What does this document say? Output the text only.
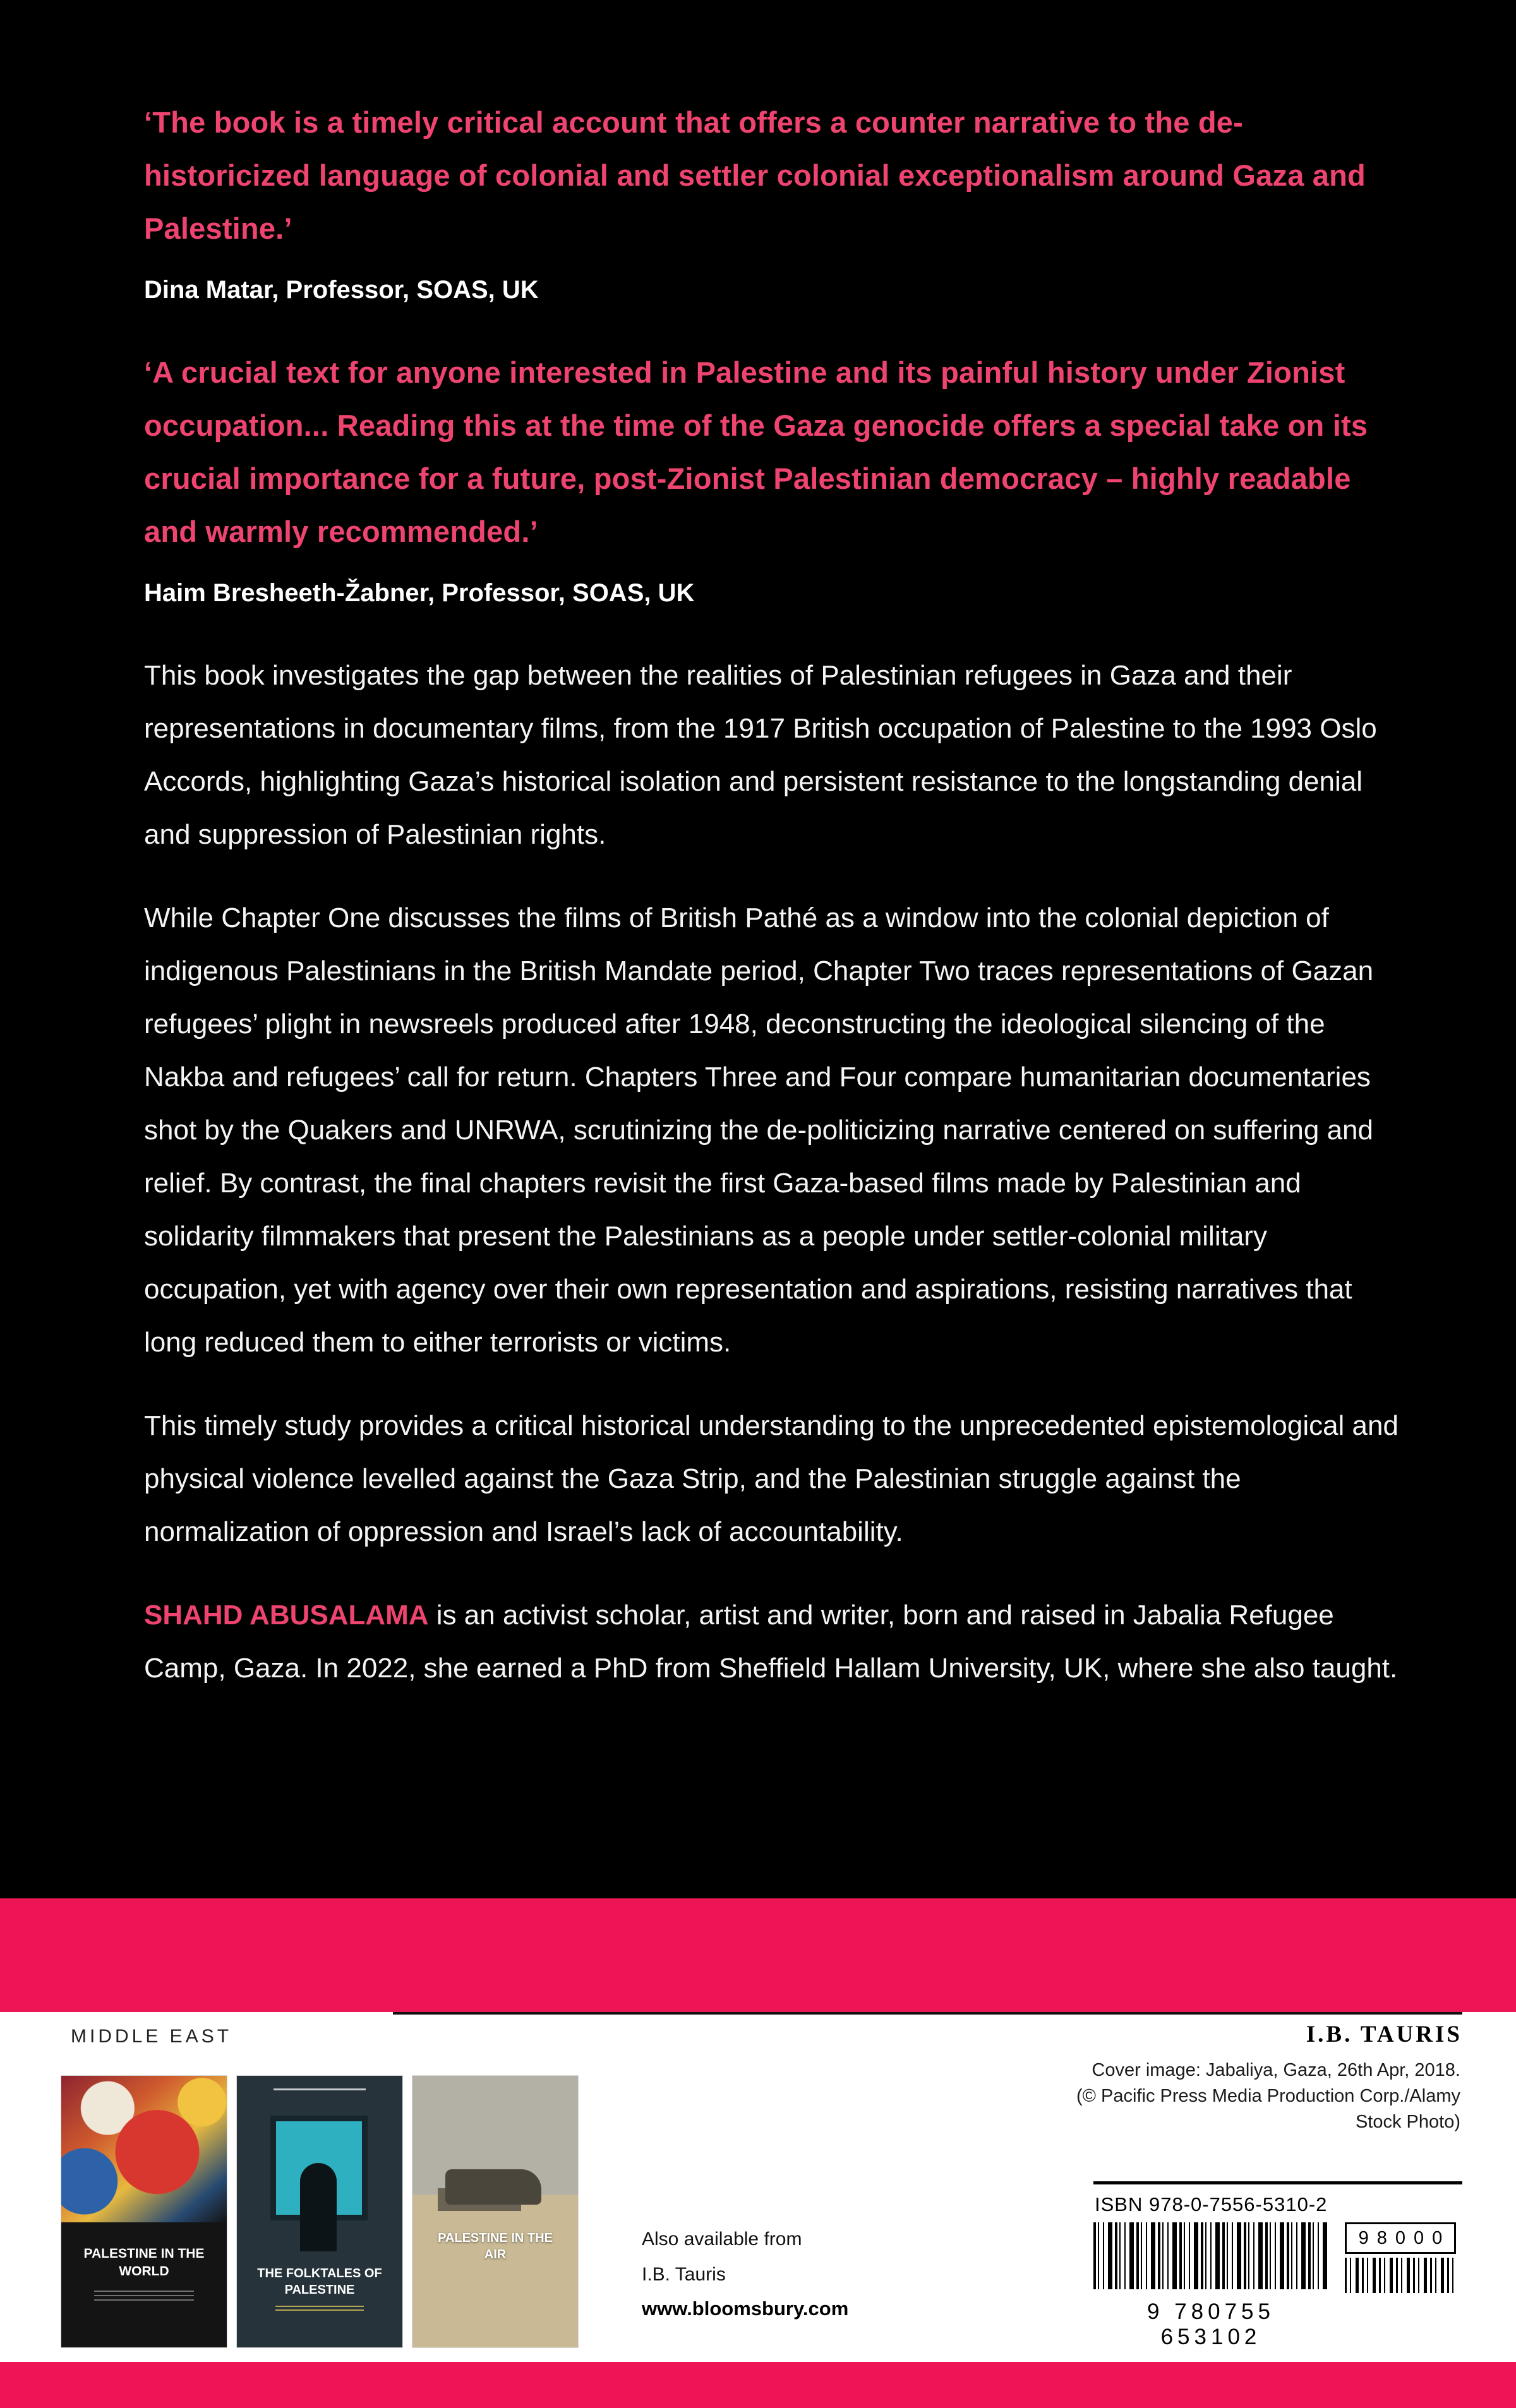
‘The book is a timely critical account that offers a counter narrative to the de-historicized language of colonial and settler colonial exceptionalism around Gaza and Palestine.’

Dina Matar, Professor, SOAS, UK

‘A crucial text for anyone interested in Palestine and its painful history under Zionist occupation... Reading this at the time of the Gaza genocide offers a special take on its crucial importance for a future, post-Zionist Palestinian democracy – highly readable and warmly recommended.’

Haim Bresheeth-Žabner, Professor, SOAS, UK

This book investigates the gap between the realities of Palestinian refugees in Gaza and their representations in documentary films, from the 1917 British occupation of Palestine to the 1993 Oslo Accords, highlighting Gaza’s historical isolation and persistent resistance to the longstanding denial and suppression of Palestinian rights.

While Chapter One discusses the films of British Pathé as a window into the colonial depiction of indigenous Palestinians in the British Mandate period, Chapter Two traces representations of Gazan refugees’ plight in newsreels produced after 1948, deconstructing the ideological silencing of the Nakba and refugees’ call for return. Chapters Three and Four compare humanitarian documentaries shot by the Quakers and UNRWA, scrutinizing the de-politicizing narrative centered on suffering and relief. By contrast, the final chapters revisit the first Gaza-based films made by Palestinian and solidarity filmmakers that present the Palestinians as a people under settler-colonial military occupation, yet with agency over their own representation and aspirations, resisting narratives that long reduced them to either terrorists or victims.

This timely study provides a critical historical understanding to the unprecedented epistemological and physical violence levelled against the Gaza Strip, and the Palestinian struggle against the normalization of oppression and Israel’s lack of accountability.

SHAHD ABUSALAMA is an activist scholar, artist and writer, born and raised in Jabalia Refugee Camp, Gaza. In 2022, she earned a PhD from Sheffield Hallam University, UK, where she also taught.

MIDDLE EAST	I.B. TAURIS
PALESTINE IN THE WORLD	THE FOLKTALES OF PALESTINE
PALESTINE IN THE AIR

Also available from

I.B. Tauris

www.bloomsbury.com
Cover image: Jabaliya, Gaza, 26th Apr, 2018. (© Pacific Press Media Production Corp./Alamy Stock Photo)
ISBN 978-0-7556-5310-2
98000
9 780755 653102
